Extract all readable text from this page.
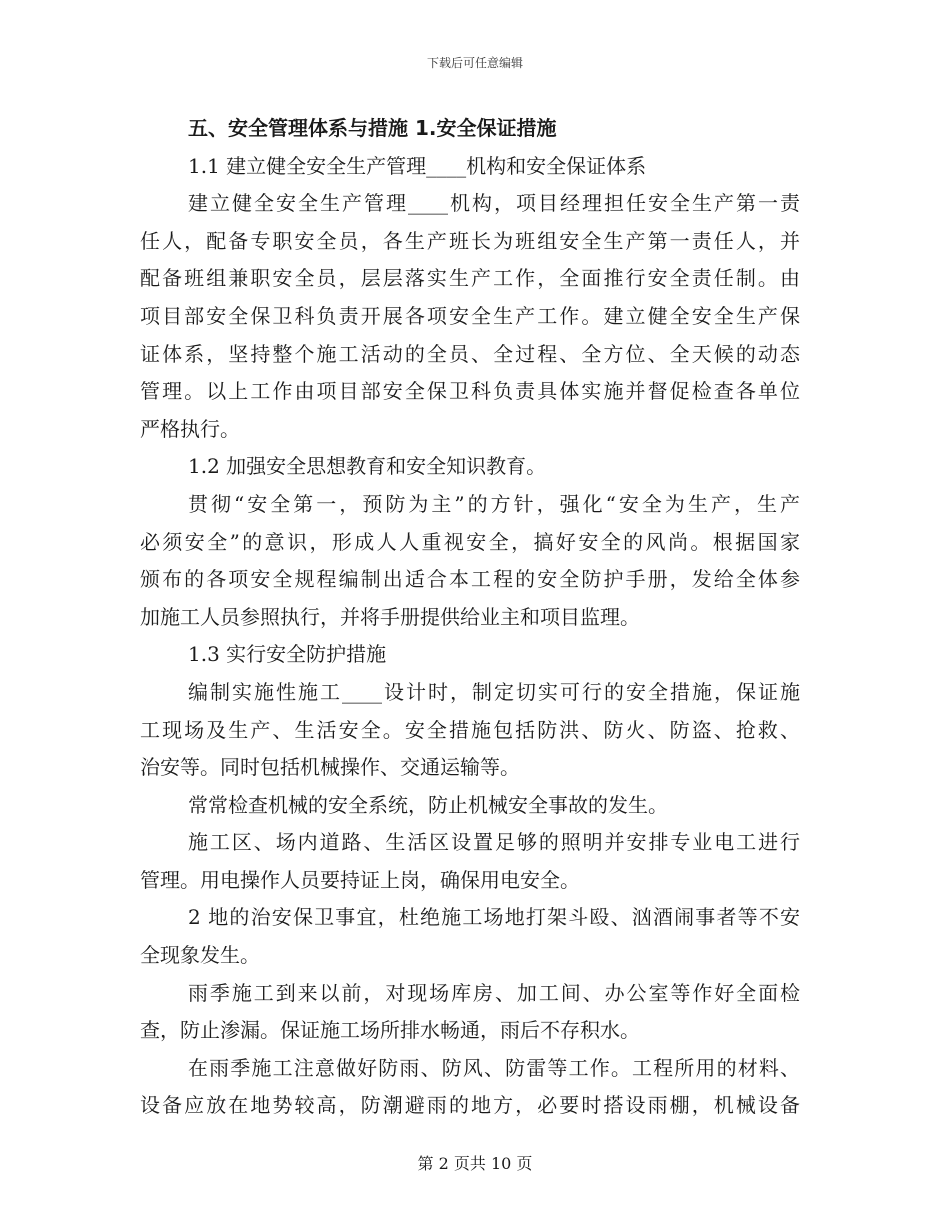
下载后可任意编辑
五、安全管理体系与措施 1.安全保证措施
1.1 建立健全安全生产管理____机构和安全保证体系
建立健全安全生产管理____机构，项目经理担任安全生产第一责
任人，配备专职安全员，各生产班长为班组安全生产第一责任人，并
配备班组兼职安全员，层层落实生产工作，全面推行安全责任制。由
项目部安全保卫科负责开展各项安全生产工作。建立健全安全生产保
证体系，坚持整个施工活动的全员、全过程、全方位、全天候的动态
管理。以上工作由项目部安全保卫科负责具体实施并督促检查各单位
严格执行。
1.2 加强安全思想教育和安全知识教育。
贯彻“安全第一，预防为主”的方针，强化“安全为生产，生产
必须安全”的意识，形成人人重视安全，搞好安全的风尚。根据国家
颁布的各项安全规程编制出适合本工程的安全防护手册，发给全体参
加施工人员参照执行，并将手册提供给业主和项目监理。
1.3 实行安全防护措施
编制实施性施工____设计时，制定切实可行的安全措施，保证施
工现场及生产、生活安全。安全措施包括防洪、防火、防盗、抢救、
治安等。同时包括机械操作、交通运输等。
常常检查机械的安全系统，防止机械安全事故的发生。
施工区、场内道路、生活区设置足够的照明并安排专业电工进行
管理。用电操作人员要持证上岗，确保用电安全。
2 地的治安保卫事宜，杜绝施工场地打架斗殴、汹酒闹事者等不安
全现象发生。
雨季施工到来以前，对现场库房、加工间、办公室等作好全面检
查，防止渗漏。保证施工场所排水畅通，雨后不存积水。
在雨季施工注意做好防雨、防风、防雷等工作。工程所用的材料、
设备应放在地势较高，防潮避雨的地方，必要时搭设雨棚，机械设备
第 2 页共 10 页
